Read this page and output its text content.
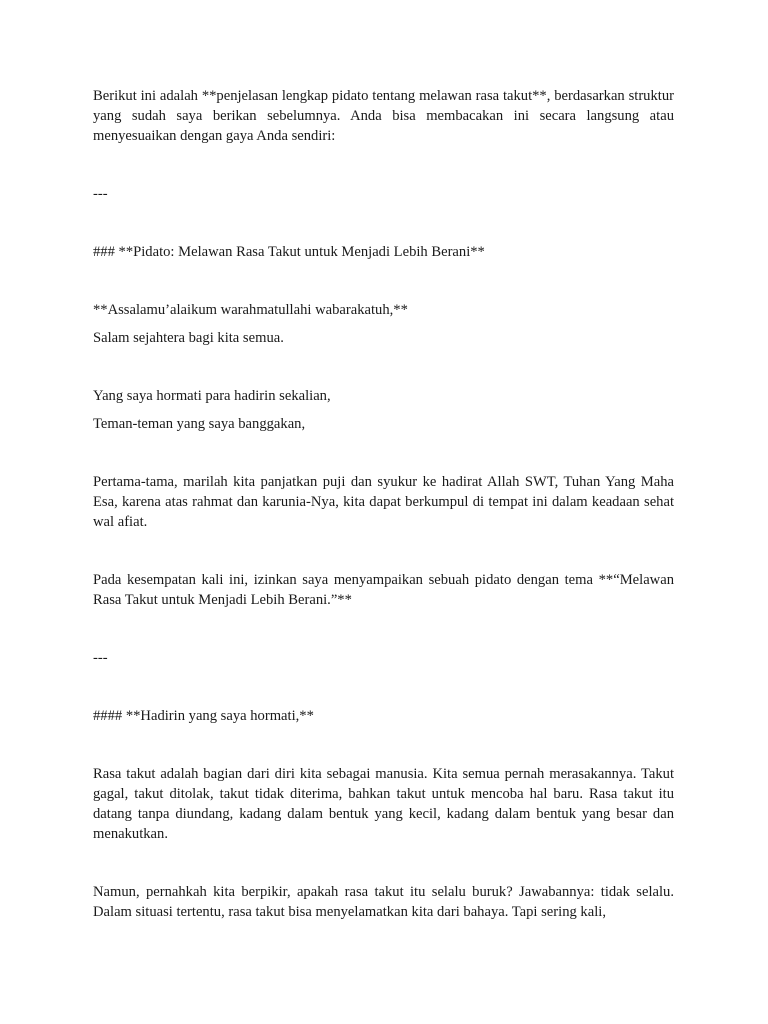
Berikut ini adalah **penjelasan lengkap pidato tentang melawan rasa takut**, berdasarkan struktur yang sudah saya berikan sebelumnya. Anda bisa membacakan ini secara langsung atau menyesuaikan dengan gaya Anda sendiri:

---

### **Pidato: Melawan Rasa Takut untuk Menjadi Lebih Berani**

**Assalamu’alaikum warahmatullahi wabarakatuh,**

Salam sejahtera bagi kita semua.

Yang saya hormati para hadirin sekalian,

Teman-teman yang saya banggakan,

Pertama-tama, marilah kita panjatkan puji dan syukur ke hadirat Allah SWT, Tuhan Yang Maha Esa, karena atas rahmat dan karunia-Nya, kita dapat berkumpul di tempat ini dalam keadaan sehat wal afiat.

Pada kesempatan kali ini, izinkan saya menyampaikan sebuah pidato dengan tema **“Melawan Rasa Takut untuk Menjadi Lebih Berani.”**

---

#### **Hadirin yang saya hormati,**

Rasa takut adalah bagian dari diri kita sebagai manusia. Kita semua pernah merasakannya. Takut gagal, takut ditolak, takut tidak diterima, bahkan takut untuk mencoba hal baru. Rasa takut itu datang tanpa diundang, kadang dalam bentuk yang kecil, kadang dalam bentuk yang besar dan menakutkan.

Namun, pernahkah kita berpikir, apakah rasa takut itu selalu buruk? Jawabannya: tidak selalu. Dalam situasi tertentu, rasa takut bisa menyelamatkan kita dari bahaya. Tapi sering kali,
